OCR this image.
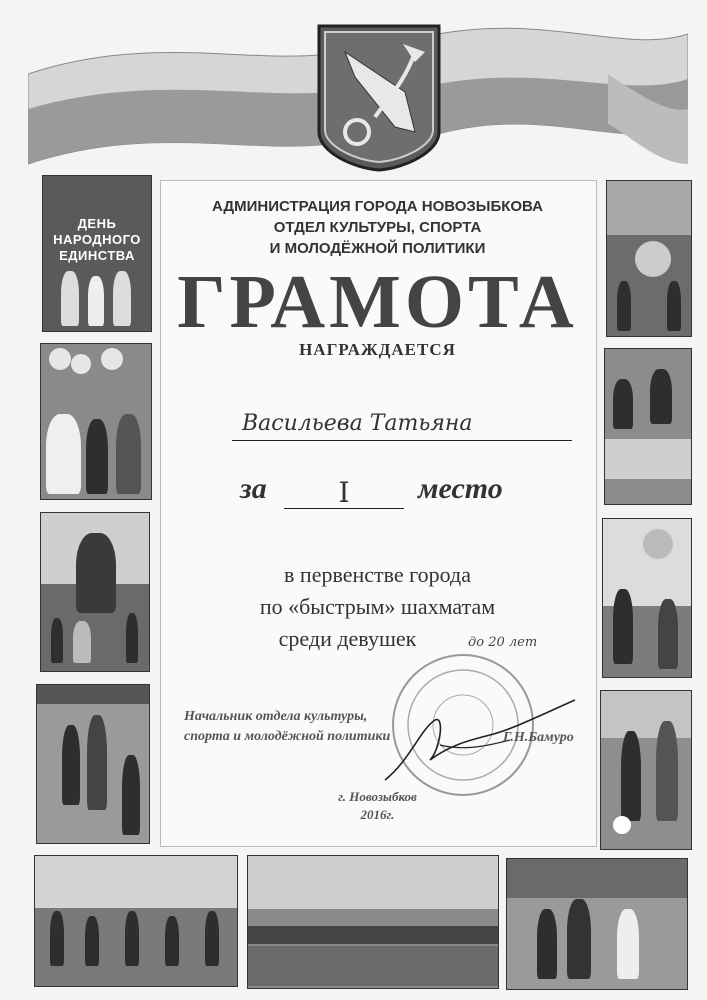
ДЕНЬ
НАРОДНОГО
ЕДИНСТВА
АДМИНИСТРАЦИЯ ГОРОДА НОВОЗЫБКОВА
ОТДЕЛ КУЛЬТУРЫ, СПОРТА
И МОЛОДЁЖНОЙ ПОЛИТИКИ
ГРАМОТА
НАГРАЖДАЕТСЯ
Васильева Татьяна
за	I	место
в первенстве города
по «быстрым» шахматам
среди девушек	до 20 лет
Начальник отдела культуры,
спорта и молодёжной политики	Г.Н.Бамуро
г. Новозыбков
2016г.
